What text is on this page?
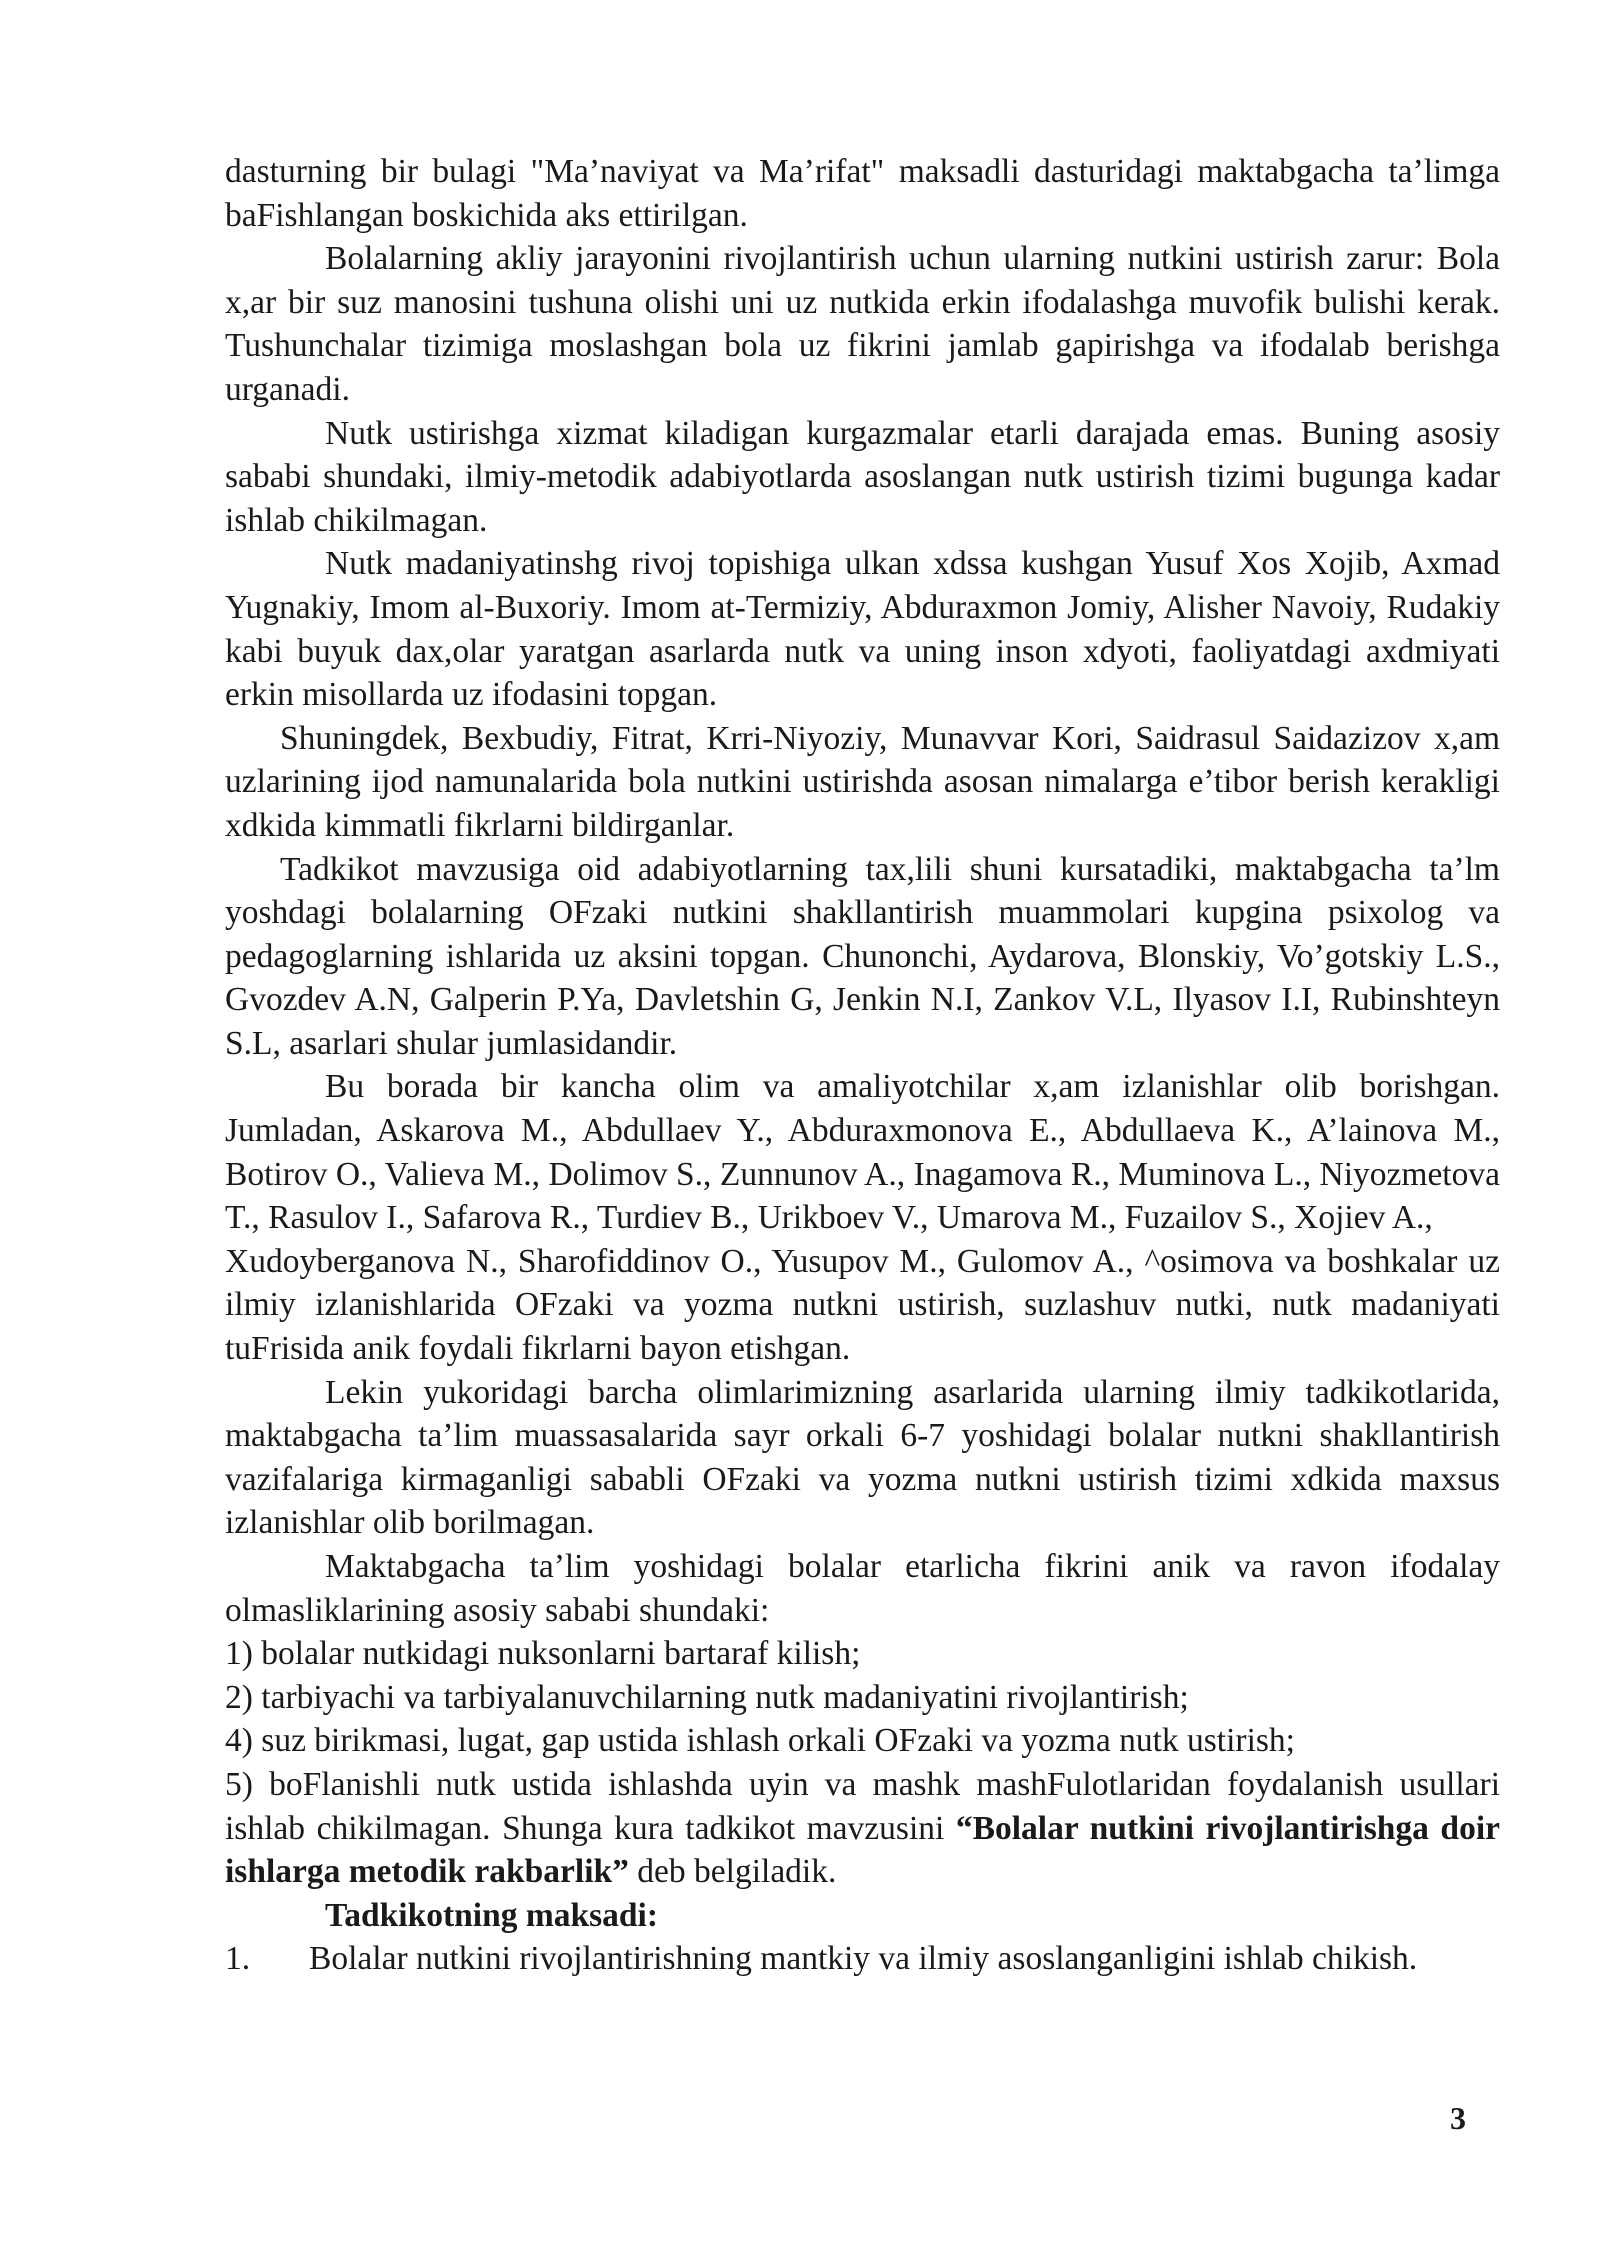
dasturning bir bulagi "Ma’naviyat va Ma’rifat" maksadli dasturidagi maktabgacha ta’limga baFishlangan boskichida aks ettirilgan.

Bolalarning akliy jarayonini rivojlantirish uchun ularning nutkini ustirish zarur: Bola x,ar bir suz manosini tushuna olishi uni uz nutkida erkin ifodalashga muvofik bulishi kerak. Tushunchalar tizimiga moslashgan bola uz fikrini jamlab gapirishga va ifodalab berishga urganadi.

Nutk ustirishga xizmat kiladigan kurgazmalar etarli darajada emas. Buning asosiy sababi shundaki, ilmiy-metodik adabiyotlarda asoslangan nutk ustirish tizimi bugunga kadar ishlab chikilmagan.

Nutk madaniyatinshg rivoj topishiga ulkan xdssa kushgan Yusuf Xos Xojib, Axmad Yugnakiy, Imom al-Buxoriy. Imom at-Termiziy, Abduraxmon Jomiy, Alisher Navoiy, Rudakiy kabi buyuk dax,olar yaratgan asarlarda nutk va uning inson xdyoti, faoliyatdagi axdmiyati erkin misollarda uz ifodasini topgan.

Shuningdek, Bexbudiy, Fitrat, Krri-Niyoziy, Munavvar Kori, Saidrasul Saidazizov x,am uzlarining ijod namunalarida bola nutkini ustirishda asosan nimalarga e’tibor berish kerakligi xdkida kimmatli fikrlarni bildirganlar.

Tadkikot mavzusiga oid adabiyotlarning tax,lili shuni kursatadiki, maktabgacha ta’lm yoshdagi bolalarning OFzaki nutkini shakllantirish muammolari kupgina psixolog va pedagoglarning ishlarida uz aksini topgan. Chunonchi, Aydarova, Blonskiy, Vo’gotskiy L.S., Gvozdev A.N, Galperin P.Ya, Davletshin G, Jenkin N.I, Zankov V.L, Ilyasov I.I, Rubinshteyn S.L, asarlari shular jumlasidandir.

Bu borada bir kancha olim va amaliyotchilar x,am izlanishlar olib borishgan. Jumladan, Askarova M., Abdullaev Y., Abduraxmonova E., Abdullaeva K., A’lainova M., Botirov O., Valieva M., Dolimov S., Zunnunov A., Inagamova R., Muminova L., Niyozmetova T., Rasulov I., Safarova R., Turdiev B., Urikboev V., Umarova M., Fuzailov S., Xojiev A.,

Xudoyberganova N., Sharofiddinov O., Yusupov M., Gulomov A., ^osimova va boshkalar uz ilmiy izlanishlarida OFzaki va yozma nutkni ustirish, suzlashuv nutki, nutk madaniyati tuFrisida anik foydali fikrlarni bayon etishgan.

Lekin yukoridagi barcha olimlarimizning asarlarida ularning ilmiy tadkikotlarida, maktabgacha ta’lim muassasalarida sayr orkali 6-7 yoshidagi bolalar nutkni shakllantirish vazifalariga kirmaganligi sababli OFzaki va yozma nutkni ustirish tizimi xdkida maxsus izlanishlar olib borilmagan.

Maktabgacha ta’lim yoshidagi bolalar etarlicha fikrini anik va ravon ifodalay olmasliklarining asosiy sababi shundaki:

1) bolalar nutkidagi nuksonlarni bartaraf kilish;

2) tarbiyachi va tarbiyalanuvchilarning nutk madaniyatini rivojlantirish;

4) suz birikmasi, lugat, gap ustida ishlash orkali OFzaki va yozma nutk ustirish;

5) boFlanishli nutk ustida ishlashda uyin va mashk mashFulotlaridan foydalanish usullari ishlab chikilmagan. Shunga kura tadkikot mavzusini “Bolalar nutkini rivojlantirishga doir ishlarga metodik rakbarlik” deb belgiladik.

Tadkikotning maksadi:

1. Bolalar nutkini rivojlantirishning mantkiy va ilmiy asoslanganligini ishlab chikish.

3
